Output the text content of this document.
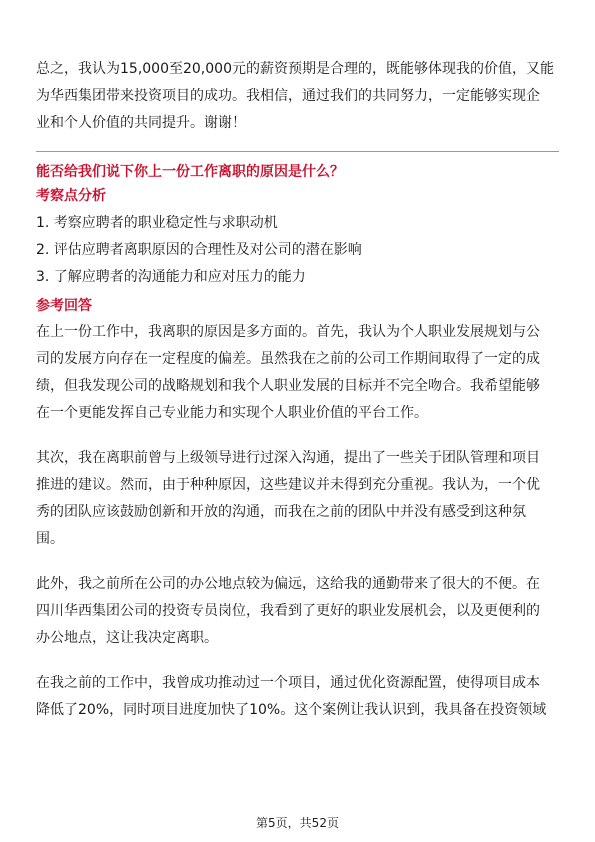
总之，我认为15,000至20,000元的薪资预期是合理的，既能够体现我的价值，又能
为华西集团带来投资项目的成功。我相信，通过我们的共同努力，一定能够实现企
业和个人价值的共同提升。谢谢！

能否给我们说下你上一份工作离职的原因是什么？
考察点分析
1. 考察应聘者的职业稳定性与求职动机
2. 评估应聘者离职原因的合理性及对公司的潜在影响
3. 了解应聘者的沟通能力和应对压力的能力
参考回答

在上一份工作中，我离职的原因是多方面的。首先，我认为个人职业发展规划与公
司的发展方向存在一定程度的偏差。虽然我在之前的公司工作期间取得了一定的成
绩，但我发现公司的战略规划和我个人职业发展的目标并不完全吻合。我希望能够
在一个更能发挥自己专业能力和实现个人职业价值的平台工作。

其次，我在离职前曾与上级领导进行过深入沟通，提出了一些关于团队管理和项目
推进的建议。然而，由于种种原因，这些建议并未得到充分重视。我认为，一个优
秀的团队应该鼓励创新和开放的沟通，而我在之前的团队中并没有感受到这种氛
围。

此外，我之前所在公司的办公地点较为偏远，这给我的通勤带来了很大的不便。在
四川华西集团公司的投资专员岗位，我看到了更好的职业发展机会，以及更便利的
办公地点，这让我决定离职。

在我之前的工作中，我曾成功推动过一个项目，通过优化资源配置，使得项目成本
降低了20%，同时项目进度加快了10%。这个案例让我认识到，我具备在投资领域

第5页，共52页
